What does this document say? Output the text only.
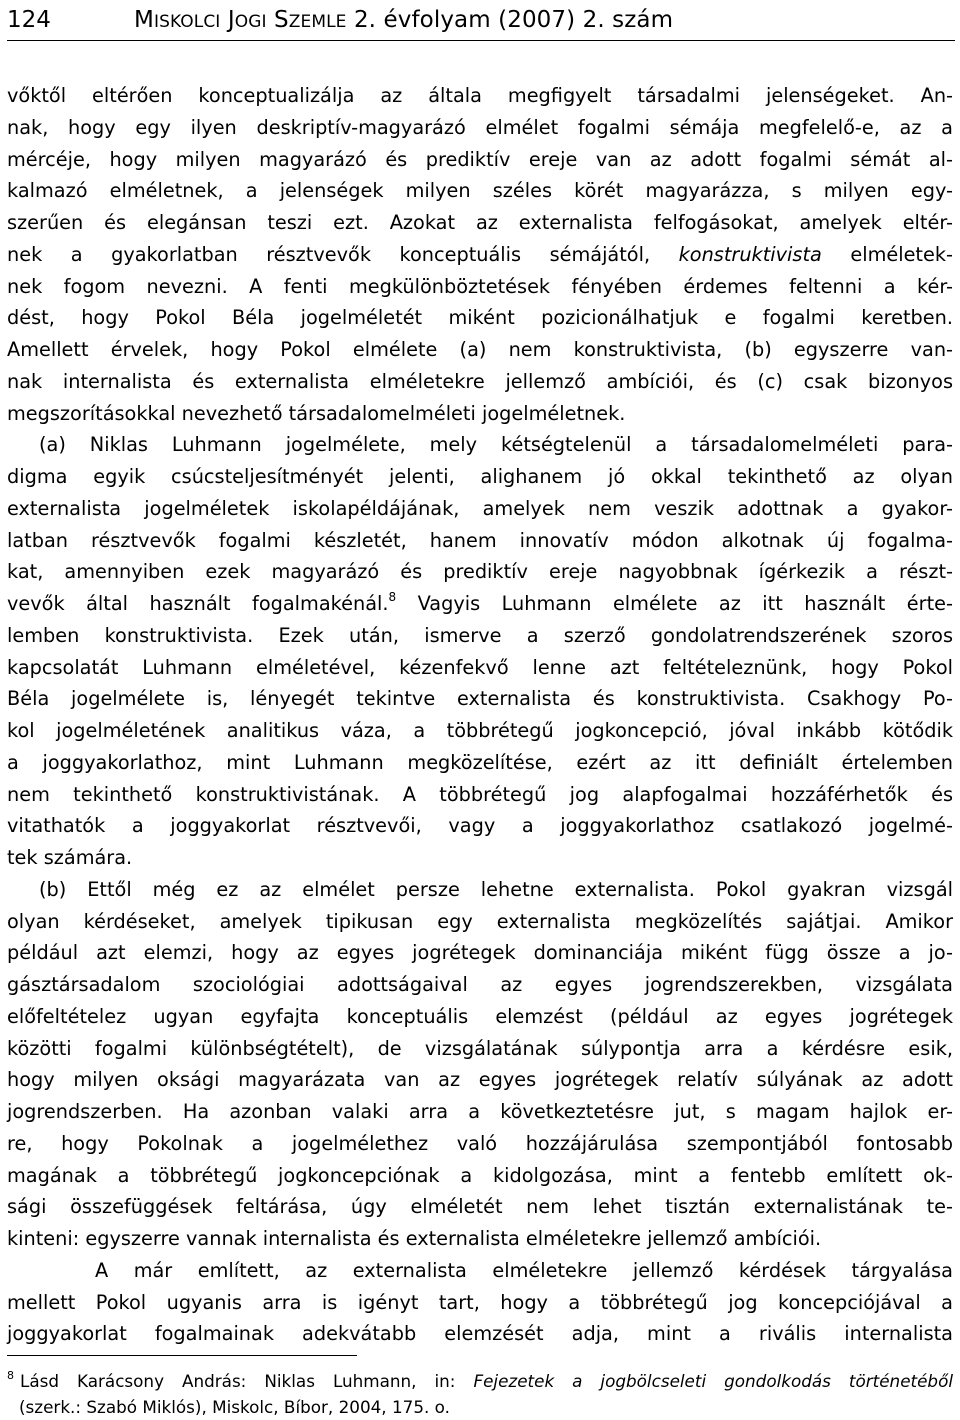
124	MISKOLCI JOGI SZEMLE 2. évfolyam (2007) 2. szám
vőktől eltérően konceptualizálja az általa megfigyelt társadalmi jelenségeket. An-
nak, hogy egy ilyen deskriptív-magyarázó elmélet fogalmi sémája megfelelő-e, az a
mércéje, hogy milyen magyarázó és prediktív ereje van az adott fogalmi sémát al-
kalmazó elméletnek, a jelenségek milyen széles körét magyarázza, s milyen egy-
szerűen és elegánsan teszi ezt. Azokat az externalista felfogásokat, amelyek eltér-
nek a gyakorlatban résztvevők konceptuális sémájától, konstruktivista elméletek-
nek fogom nevezni. A fenti megkülönböztetések fényében érdemes feltenni a kér-
dést, hogy Pokol Béla jogelméletét miként pozicionálhatjuk e fogalmi keretben.
Amellett érvelek, hogy Pokol elmélete (a) nem konstruktivista, (b) egyszerre van-
nak internalista és externalista elméletekre jellemző ambíciói, és (c) csak bizonyos
megszorításokkal nevezhető társadalomelméleti jogelméletnek.
(a) Niklas Luhmann jogelmélete, mely kétségtelenül a társadalomelméleti para-
digma egyik csúcsteljesítményét jelenti, alighanem jó okkal tekinthető az olyan
externalista jogelméletek iskolapéldájának, amelyek nem veszik adottnak a gyakor-
latban résztvevők fogalmi készletét, hanem innovatív módon alkotnak új fogalma-
kat, amennyiben ezek magyarázó és prediktív ereje nagyobbnak ígérkezik a részt-
vevők által használt fogalmakénál.$^8$ Vagyis Luhmann elmélete az itt használt érte-
lemben konstruktivista. Ezek után, ismerve a szerző gondolatrendszerének szoros
kapcsolatát Luhmann elméletével, kézenfekvő lenne azt feltételeznünk, hogy Pokol
Béla jogelmélete is, lényegét tekintve externalista és konstruktivista. Csakhogy Po-
kol jogelméletének analitikus váza, a többrétegű jogkoncepció, jóval inkább kötődik
a joggyakorlathoz, mint Luhmann megközelítése, ezért az itt definiált értelemben
nem tekinthető konstruktivistának. A többrétegű jog alapfogalmai hozzáférhetők és
vitathatók a joggyakorlat résztvevői, vagy a joggyakorlathoz csatlakozó jogelmé-
tek számára.
(b) Ettől még ez az elmélet persze lehetne externalista. Pokol gyakran vizsgál
olyan kérdéseket, amelyek tipikusan egy externalista megközelítés sajátjai. Amikor
például azt elemzi, hogy az egyes jogrétegek dominanciája miként függ össze a jo-
gásztársadalom szociológiai adottságaival az egyes jogrendszerekben, vizsgálata
előfeltételez ugyan egyfajta konceptuális elemzést (például az egyes jogrétegek
közötti fogalmi különbségtételt), de vizsgálatának súlypontja arra a kérdésre esik,
hogy milyen oksági magyarázata van az egyes jogrétegek relatív súlyának az adott
jogrendszerben. Ha azonban valaki arra a következtetésre jut, s magam hajlok er-
re, hogy Pokolnak a jogelmélethez való hozzájárulása szempontjából fontosabb
magának a többrétegű jogkoncepciónak a kidolgozása, mint a fentebb említett ok-
sági összefüggések feltárása, úgy elméletét nem lehet tisztán externalistának te-
kinteni: egyszerre vannak internalista és externalista elméletekre jellemző ambíciói.
A már említett, az externalista elméletekre jellemző kérdések tárgyalása
mellett Pokol ugyanis arra is igényt tart, hogy a többrétegű jog koncepciójával a
joggyakorlat fogalmainak adekvátabb elemzését adja, mint a rivális internalista
$^8$ Lásd Karácsony András: Niklas Luhmann, in: Fejezetek a jogbölcseleti gondolkodás történetéből
(szerk.: Szabó Miklós), Miskolc, Bíbor, 2004, 175. o.
